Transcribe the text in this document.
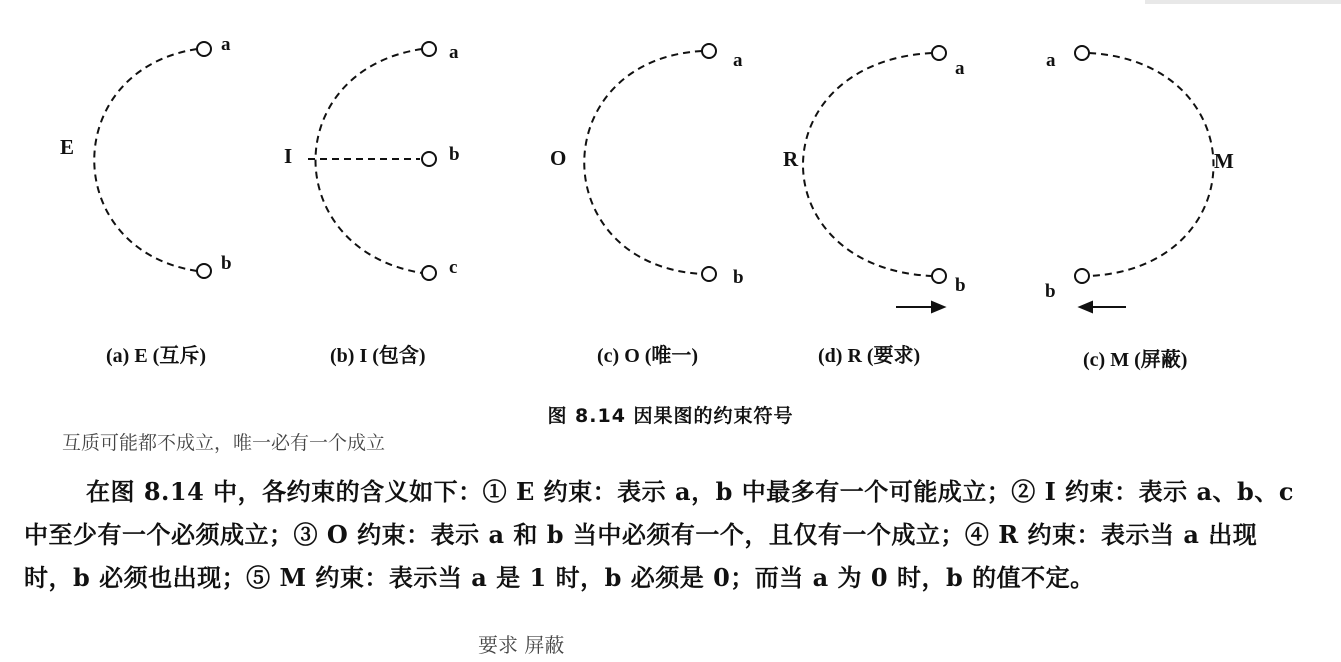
E	I	O	R	M
a
b
a
b
c
a
b
a
b
a
b
(a) E (互斥)	(b) I (包含)	(c) O (唯一)	(d) R (要求)	(c) M (屏蔽)
图 8.14 因果图的约束符号
互质可能都不成立，唯一必有一个成立
在图 8.14 中，各约束的含义如下：① E 约束：表示 a，b 中最多有一个可能成立；② I 约束：表示 a、b、c 中至少有一个必须成立；③ O 约束：表示 a 和 b 当中必须有一个，且仅有一个成立；④ R 约束：表示当 a 出现时，b 必须也出现；⑤ M 约束：表示当 a 是 1 时，b 必须是 0；而当 a 为 0 时，b 的值不定。
要求 屏蔽
